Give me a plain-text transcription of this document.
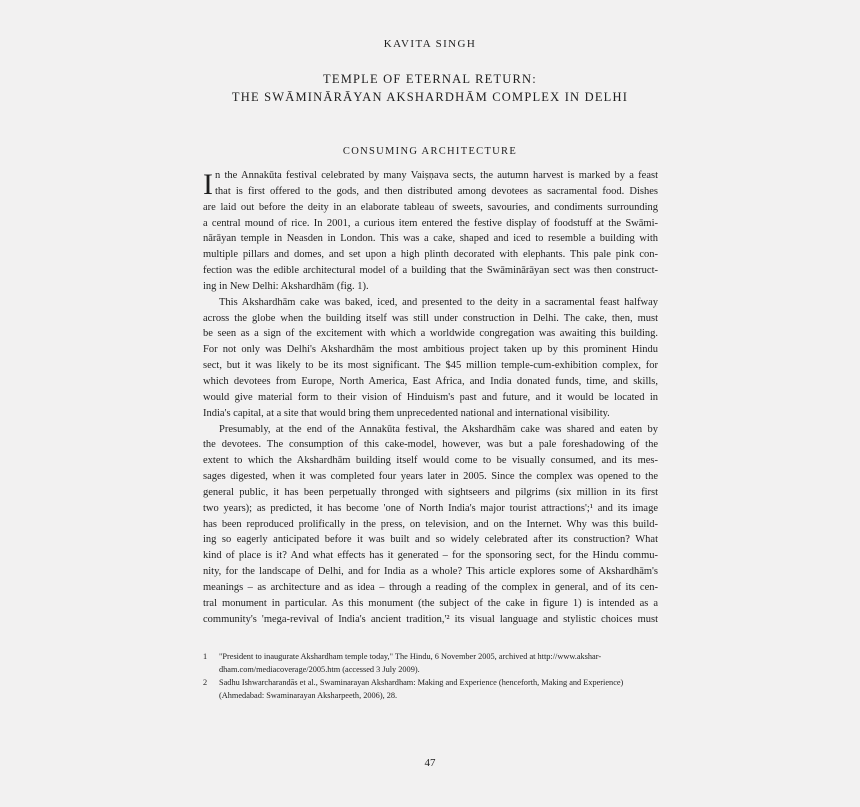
KAVITA SINGH
TEMPLE OF ETERNAL RETURN:
THE SWĀMINĀRĀYAN AKSHARDHĀM COMPLEX IN DELHI
CONSUMING ARCHITECTURE
I n the Annakūta festival celebrated by many Vaiṣṇava sects, the autumn harvest is marked by a feast
that is first offered to the gods, and then distributed among devotees as sacramental food. Dishes
are laid out before the deity in an elaborate tableau of sweets, savouries, and condiments surrounding
a central mound of rice. In 2001, a curious item entered the festive display of foodstuff at the Swāmi-
nārāyan temple in Neasden in London. This was a cake, shaped and iced to resemble a building with
multiple pillars and domes, and set upon a high plinth decorated with elephants. This pale pink con-
fection was the edible architectural model of a building that the Swāminārāyan sect was then construct-
ing in New Delhi: Akshardhām (fig. 1).
This Akshardhām cake was baked, iced, and presented to the deity in a sacramental feast halfway
across the globe when the building itself was still under construction in Delhi. The cake, then, must
be seen as a sign of the excitement with which a worldwide congregation was awaiting this building.
For not only was Delhi's Akshardhām the most ambitious project taken up by this prominent Hindu
sect, but it was likely to be its most significant. The $45 million temple-cum-exhibition complex, for
which devotees from Europe, North America, East Africa, and India donated funds, time, and skills,
would give material form to their vision of Hinduism's past and future, and it would be located in
India's capital, at a site that would bring them unprecedented national and international visibility.
Presumably, at the end of the Annakūta festival, the Akshardhām cake was shared and eaten by
the devotees. The consumption of this cake-model, however, was but a pale foreshadowing of the
extent to which the Akshardhām building itself would come to be visually consumed, and its mes-
sages digested, when it was completed four years later in 2005. Since the complex was opened to the
general public, it has been perpetually thronged with sightseers and pilgrims (six million in its first
two years); as predicted, it has become 'one of North India's major tourist attractions';¹ and its image
has been reproduced prolifically in the press, on television, and on the Internet. Why was this build-
ing so eagerly anticipated before it was built and so widely celebrated after its construction? What
kind of place is it? And what effects has it generated – for the sponsoring sect, for the Hindu commu-
nity, for the landscape of Delhi, and for India as a whole? This article explores some of Akshardhām's
meanings – as architecture and as idea – through a reading of the complex in general, and of its cen-
tral monument in particular. As this monument (the subject of the cake in figure 1) is intended as a
community's 'mega-revival of India's ancient tradition,'² its visual language and stylistic choices must
1 "President to inaugurate Akshardham temple today," The Hindu, 6 November 2005, archived at http://www.akshar-
dham.com/mediacoverage/2005.htm (accessed 3 July 2009).
2 Sadhu Ishwarcharandās et al., Swaminarayan Akshardham: Making and Experience (henceforth, Making and Experience)
(Ahmedabad: Swaminarayan Aksharpeeth, 2006), 28.
47
